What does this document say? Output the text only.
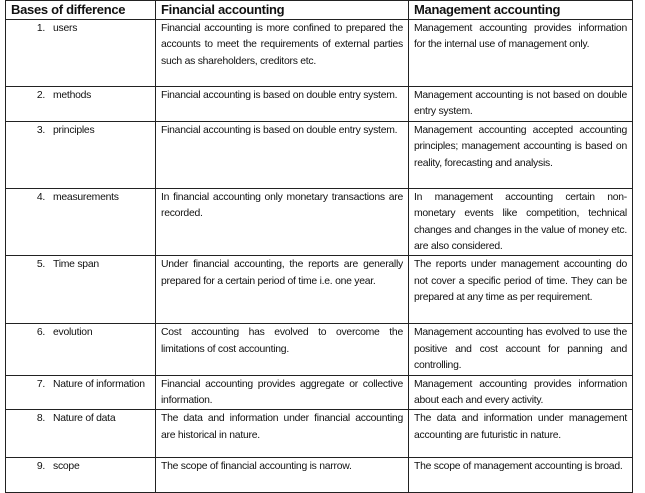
Bases of difference	Financial accounting	Management accounting

1. users	Financial accounting is more confined to prepared the accounts to meet the requirements of external parties such as shareholders, creditors etc.	Management accounting provides information for the internal use of management only.

2. methods	Financial accounting is based on double entry system.	Management accounting is not based on double entry system.

3. principles	Financial accounting is based on double entry system.	Management accounting accepted accounting principles; management accounting is based on reality, forecasting and analysis.

4. measurements	In financial accounting only monetary transactions are recorded.	In management accounting certain non-monetary events like competition, technical changes and changes in the value of money etc. are also considered.

5. Time span	Under financial accounting, the reports are generally prepared for a certain period of time i.e. one year.	The reports under management accounting do not cover a specific period of time. They can be prepared at any time as per requirement.

6. evolution	Cost accounting has evolved to overcome the limitations of cost accounting.	Management accounting has evolved to use the positive and cost account for panning and controlling.

7. Nature of information	Financial accounting provides aggregate or collective information.	Management accounting provides information about each and every activity.

8. Nature of data	The data and information under financial accounting are historical in nature.	The data and information under management accounting are futuristic in nature.

9. scope	The scope of financial accounting is narrow.	The scope of management accounting is broad.
